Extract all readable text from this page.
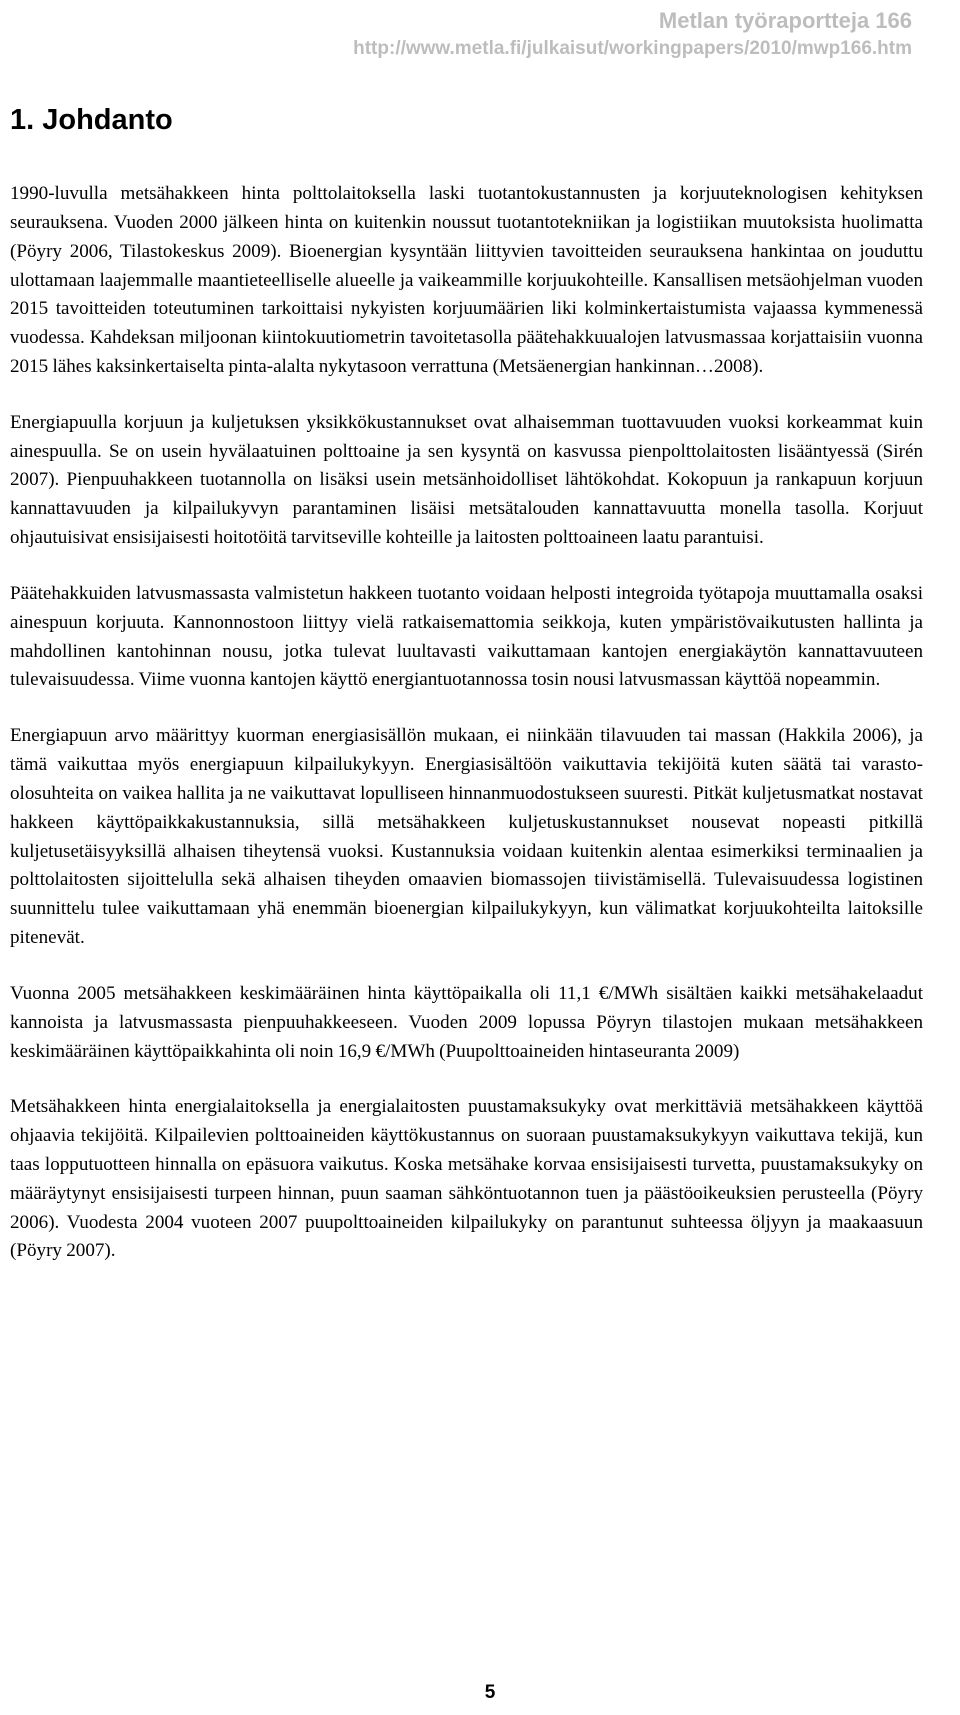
Metlan työraportteja 166
http://www.metla.fi/julkaisut/workingpapers/2010/mwp166.htm
1. Johdanto

1990-luvulla metsähakkeen hinta polttolaitoksella laski tuotantokustannusten ja korjuuteknologisen kehityksen seurauksena. Vuoden 2000 jälkeen hinta on kuitenkin noussut tuotantotekniikan ja logistiikan muutoksista huolimatta (Pöyry 2006, Tilastokeskus 2009). Bioenergian kysyntään liittyvien tavoitteiden seurauksena hankintaa on jouduttu ulottamaan laajemmalle maantieteelliselle alueelle ja vaikeammille korjuukohteille. Kansallisen metsäohjelman vuoden 2015 tavoitteiden toteutuminen tarkoittaisi nykyisten korjuumäärien liki kolminkertaistumista vajaassa kymmenessä vuodessa. Kahdeksan miljoonan kiintokuutiometrin tavoitetasolla päätehakkuualojen latvusmassaa korjattaisiin vuonna 2015 lähes kaksinkertaiselta pinta-alalta nykytasoon verrattuna (Metsäenergian hankinnan…2008).

Energiapuulla korjuun ja kuljetuksen yksikkökustannukset ovat alhaisemman tuottavuuden vuoksi korkeammat kuin ainespuulla. Se on usein hyvälaatuinen polttoaine ja sen kysyntä on kasvussa pienpolttolaitosten lisääntyessä (Sirén 2007). Pienpuuhakkeen tuotannolla on lisäksi usein metsänhoidolliset lähtökohdat. Kokopuun ja rankapuun korjuun kannattavuuden ja kilpailukyvyn parantaminen lisäisi metsätalouden kannattavuutta monella tasolla. Korjuut ohjautuisivat ensisijaisesti hoitotöitä tarvitseville kohteille ja laitosten polttoaineen laatu parantuisi.

Päätehakkuiden latvusmassasta valmistetun hakkeen tuotanto voidaan helposti integroida työtapoja muuttamalla osaksi ainespuun korjuuta. Kannonnostoon liittyy vielä ratkaisemattomia seikkoja, kuten ympäristövaikutusten hallinta ja mahdollinen kantohinnan nousu, jotka tulevat luultavasti vaikuttamaan kantojen energiakäytön kannattavuuteen tulevaisuudessa. Viime vuonna kantojen käyttö energiantuotannossa tosin nousi latvusmassan käyttöä nopeammin.

Energiapuun arvo määrittyy kuorman energiasisällön mukaan, ei niinkään tilavuuden tai massan (Hakkila 2006), ja tämä vaikuttaa myös energiapuun kilpailukykyyn. Energiasisältöön vaikuttavia tekijöitä kuten säätä tai varasto-olosuhteita on vaikea hallita ja ne vaikuttavat lopulliseen hinnanmuodostukseen suuresti. Pitkät kuljetusmatkat nostavat hakkeen käyttöpaikkakustannuksia, sillä metsähakkeen kuljetuskustannukset nousevat nopeasti pitkillä kuljetusetäisyyksillä alhaisen tiheytensä vuoksi. Kustannuksia voidaan kuitenkin alentaa esimerkiksi terminaalien ja polttolaitosten sijoittelulla sekä alhaisen tiheyden omaavien biomassojen tiivistämisellä. Tulevaisuudessa logistinen suunnittelu tulee vaikuttamaan yhä enemmän bioenergian kilpailukykyyn, kun välimatkat korjuukohteilta laitoksille pitenevät.

Vuonna 2005 metsähakkeen keskimääräinen hinta käyttöpaikalla oli 11,1 €/MWh sisältäen kaikki metsähakelaadut kannoista ja latvusmassasta pienpuuhakkeeseen. Vuoden 2009 lopussa Pöyryn tilastojen mukaan metsähakkeen keskimääräinen käyttöpaikkahinta oli noin 16,9 €/MWh (Puupolttoaineiden hintaseuranta 2009)

Metsähakkeen hinta energialaitoksella ja energialaitosten puustamaksukyky ovat merkittäviä metsähakkeen käyttöä ohjaavia tekijöitä. Kilpailevien polttoaineiden käyttökustannus on suoraan puustamaksukykyyn vaikuttava tekijä, kun taas lopputuotteen hinnalla on epäsuora vaikutus. Koska metsähake korvaa ensisijaisesti turvetta, puustamaksukyky on määräytynyt ensisijaisesti turpeen hinnan, puun saaman sähköntuotannon tuen ja päästöoikeuksien perusteella (Pöyry 2006). Vuodesta 2004 vuoteen 2007 puupolttoaineiden kilpailukyky on parantunut suhteessa öljyyn ja maakaasuun (Pöyry 2007).

5
